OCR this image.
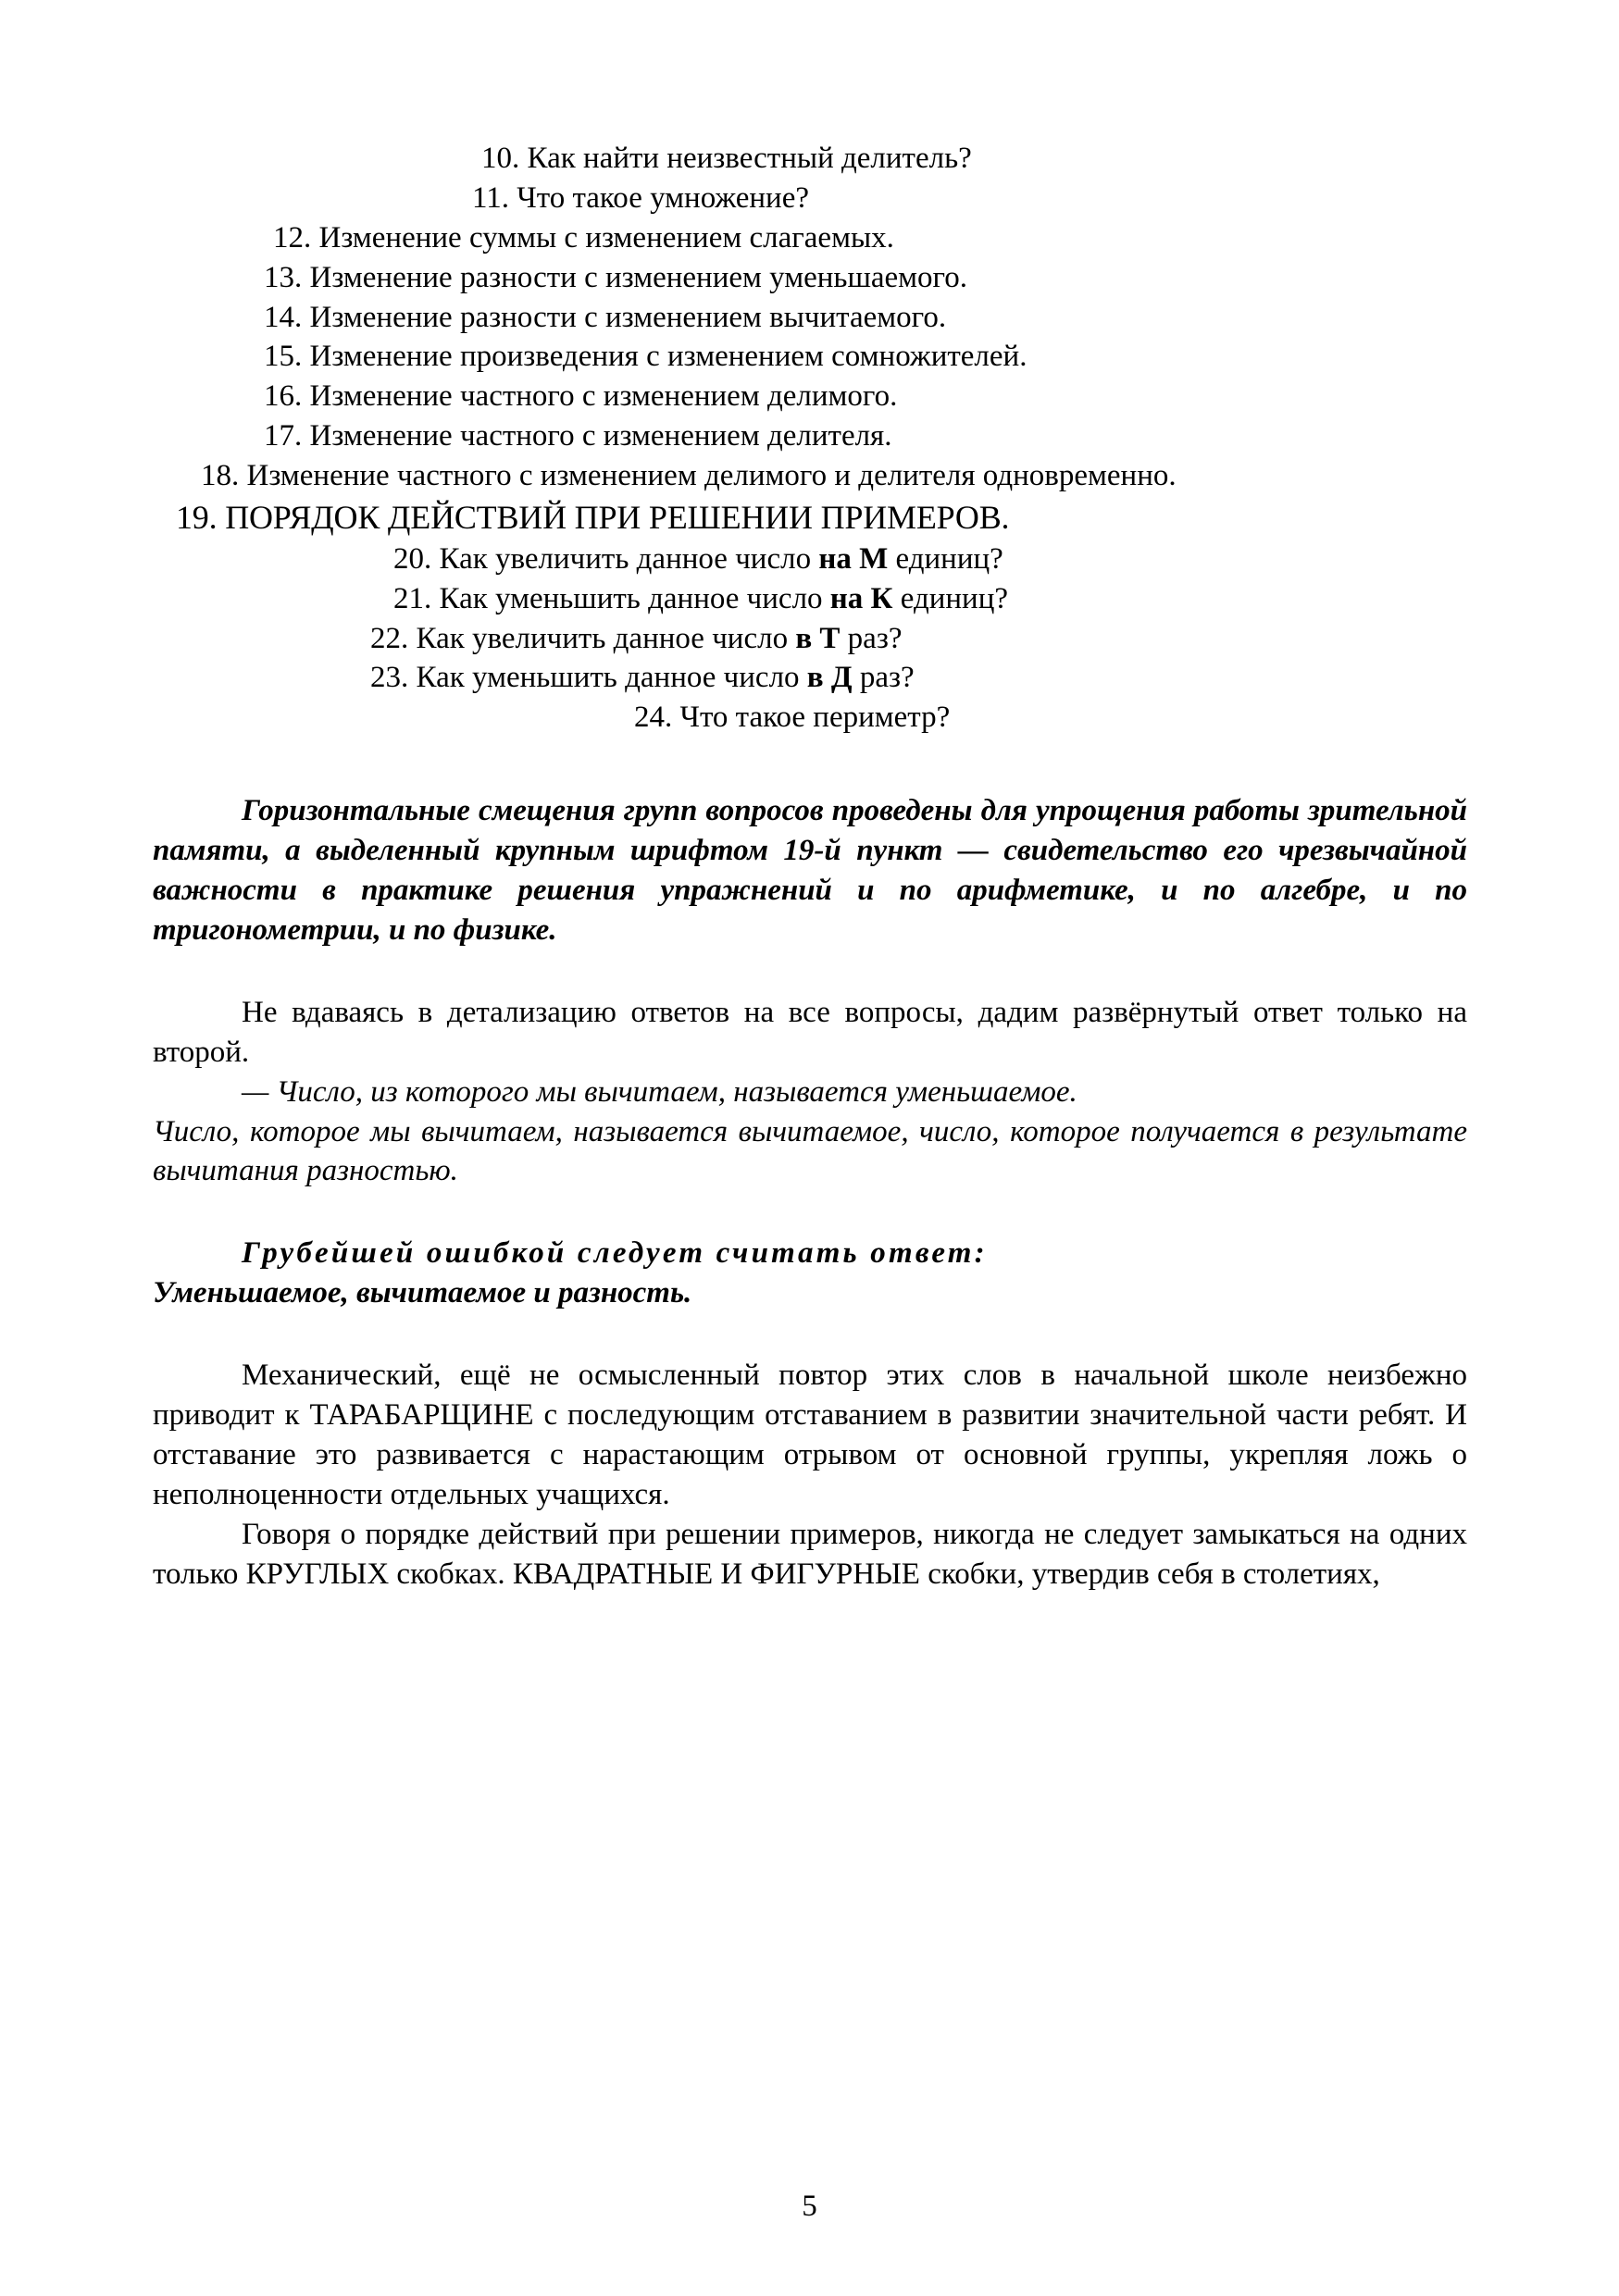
10. Как найти неизвестный делитель?
11. Что такое умножение?
12. Изменение суммы с изменением слагаемых.
13. Изменение разности с изменением уменьшаемого.
14. Изменение разности с изменением вычитаемого.
15. Изменение произведения с изменением сомножителей.
16. Изменение частного с изменением делимого.
17. Изменение частного с изменением делителя.
18. Изменение частного с изменением делимого и делителя одновременно.
19. ПОРЯДОК ДЕЙСТВИЙ ПРИ РЕШЕНИИ ПРИМЕРОВ.
20. Как увеличить данное число на М единиц?
21. Как уменьшить данное число на К единиц?
22. Как увеличить данное число в Т раз?
23. Как уменьшить данное число в Д раз?
24. Что такое периметр?

Горизонтальные смещения групп вопросов проведены для упрощения работы зрительной памяти, а выделенный крупным шрифтом 19-й пункт — свидетельство его чрезвычайной важности в практике решения упражнений и по арифметике, и по алгебре, и по тригонометрии, и по физике.

Не вдаваясь в детализацию ответов на все вопросы, дадим развёрнутый ответ только на второй.

— Число, из которого мы вычитаем, называется уменьшаемое.

Число, которое мы вычитаем, называется вычитаемое, число, которое получается в результате вычитания разностью.

Грубейшей ошибкой следует считать ответ:

Уменьшаемое, вычитаемое и разность.

Механический, ещё не осмысленный повтор этих слов в начальной школе неизбежно приводит к ТАРАБАРЩИНЕ с последующим отставанием в развитии значительной части ребят. И отставание это развивается с нарастающим отрывом от основной группы, укрепляя ложь о неполноценности отдельных учащихся.

Говоря о порядке действий при решении примеров, никогда не следует замыкаться на одних только КРУГЛЫХ скобках. КВАДРАТНЫЕ И ФИГУРНЫЕ скобки, утвердив себя в столетиях,

5
